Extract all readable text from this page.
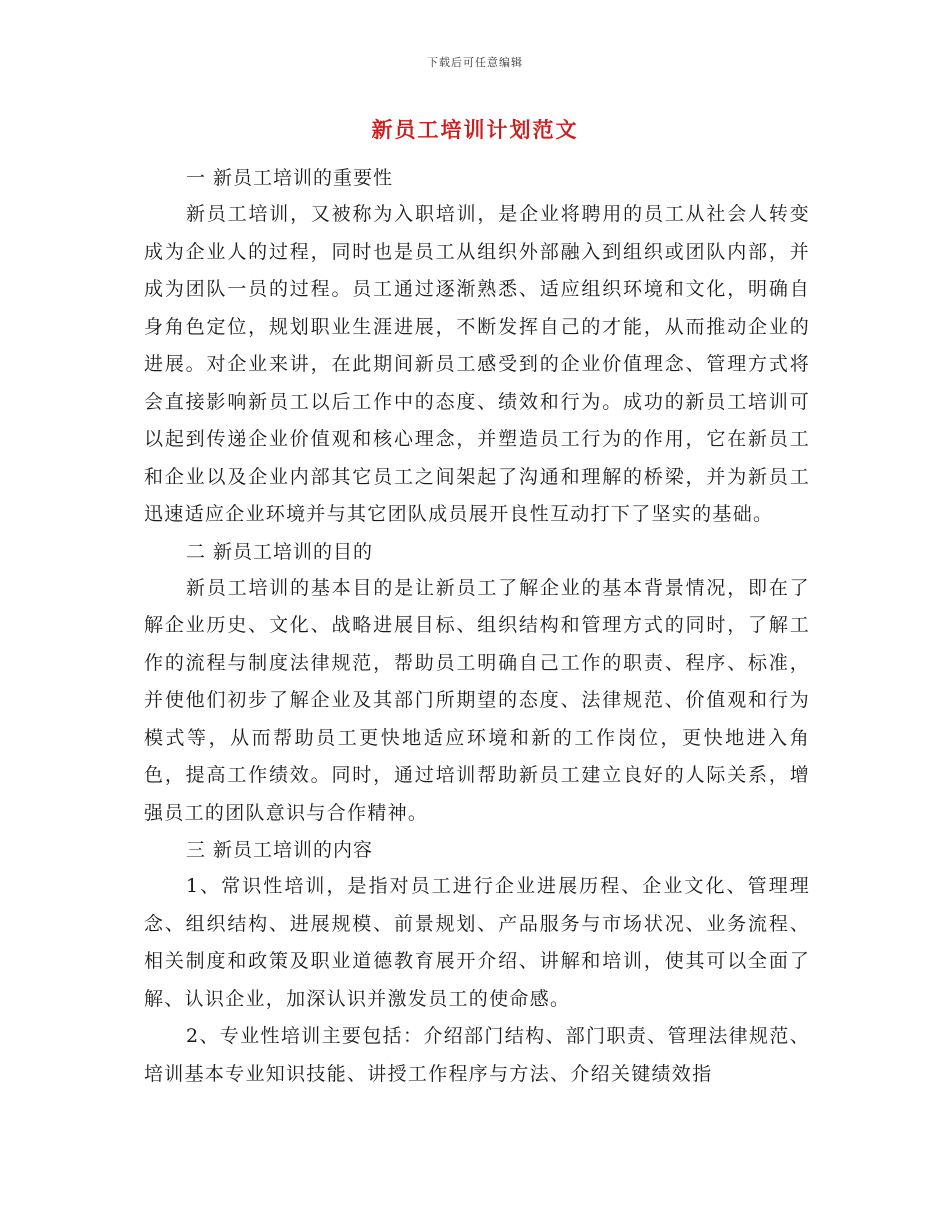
下载后可任意编辑
新员工培训计划范文
一 新员工培训的重要性

新员工培训，又被称为入职培训，是企业将聘用的员工从社会人转变成为企业人的过程，同时也是员工从组织外部融入到组织或团队内部，并成为团队一员的过程。员工通过逐渐熟悉、适应组织环境和文化，明确自身角色定位，规划职业生涯进展，不断发挥自己的才能，从而推动企业的进展。对企业来讲，在此期间新员工感受到的企业价值理念、管理方式将会直接影响新员工以后工作中的态度、绩效和行为。成功的新员工培训可以起到传递企业价值观和核心理念，并塑造员工行为的作用，它在新员工和企业以及企业内部其它员工之间架起了沟通和理解的桥梁，并为新员工迅速适应企业环境并与其它团队成员展开良性互动打下了坚实的基础。

二 新员工培训的目的

新员工培训的基本目的是让新员工了解企业的基本背景情况，即在了解企业历史、文化、战略进展目标、组织结构和管理方式的同时，了解工作的流程与制度法律规范，帮助员工明确自己工作的职责、程序、标准，并使他们初步了解企业及其部门所期望的态度、法律规范、价值观和行为模式等，从而帮助员工更快地适应环境和新的工作岗位，更快地进入角色，提高工作绩效。同时，通过培训帮助新员工建立良好的人际关系，增强员工的团队意识与合作精神。

三 新员工培训的内容

1、常识性培训，是指对员工进行企业进展历程、企业文化、管理理念、组织结构、进展规模、前景规划、产品服务与市场状况、业务流程、相关制度和政策及职业道德教育展开介绍、讲解和培训，使其可以全面了解、认识企业，加深认识并激发员工的使命感。

2、专业性培训主要包括：介绍部门结构、部门职责、管理法律规范、培训基本专业知识技能、讲授工作程序与方法、介绍关键绩效指
